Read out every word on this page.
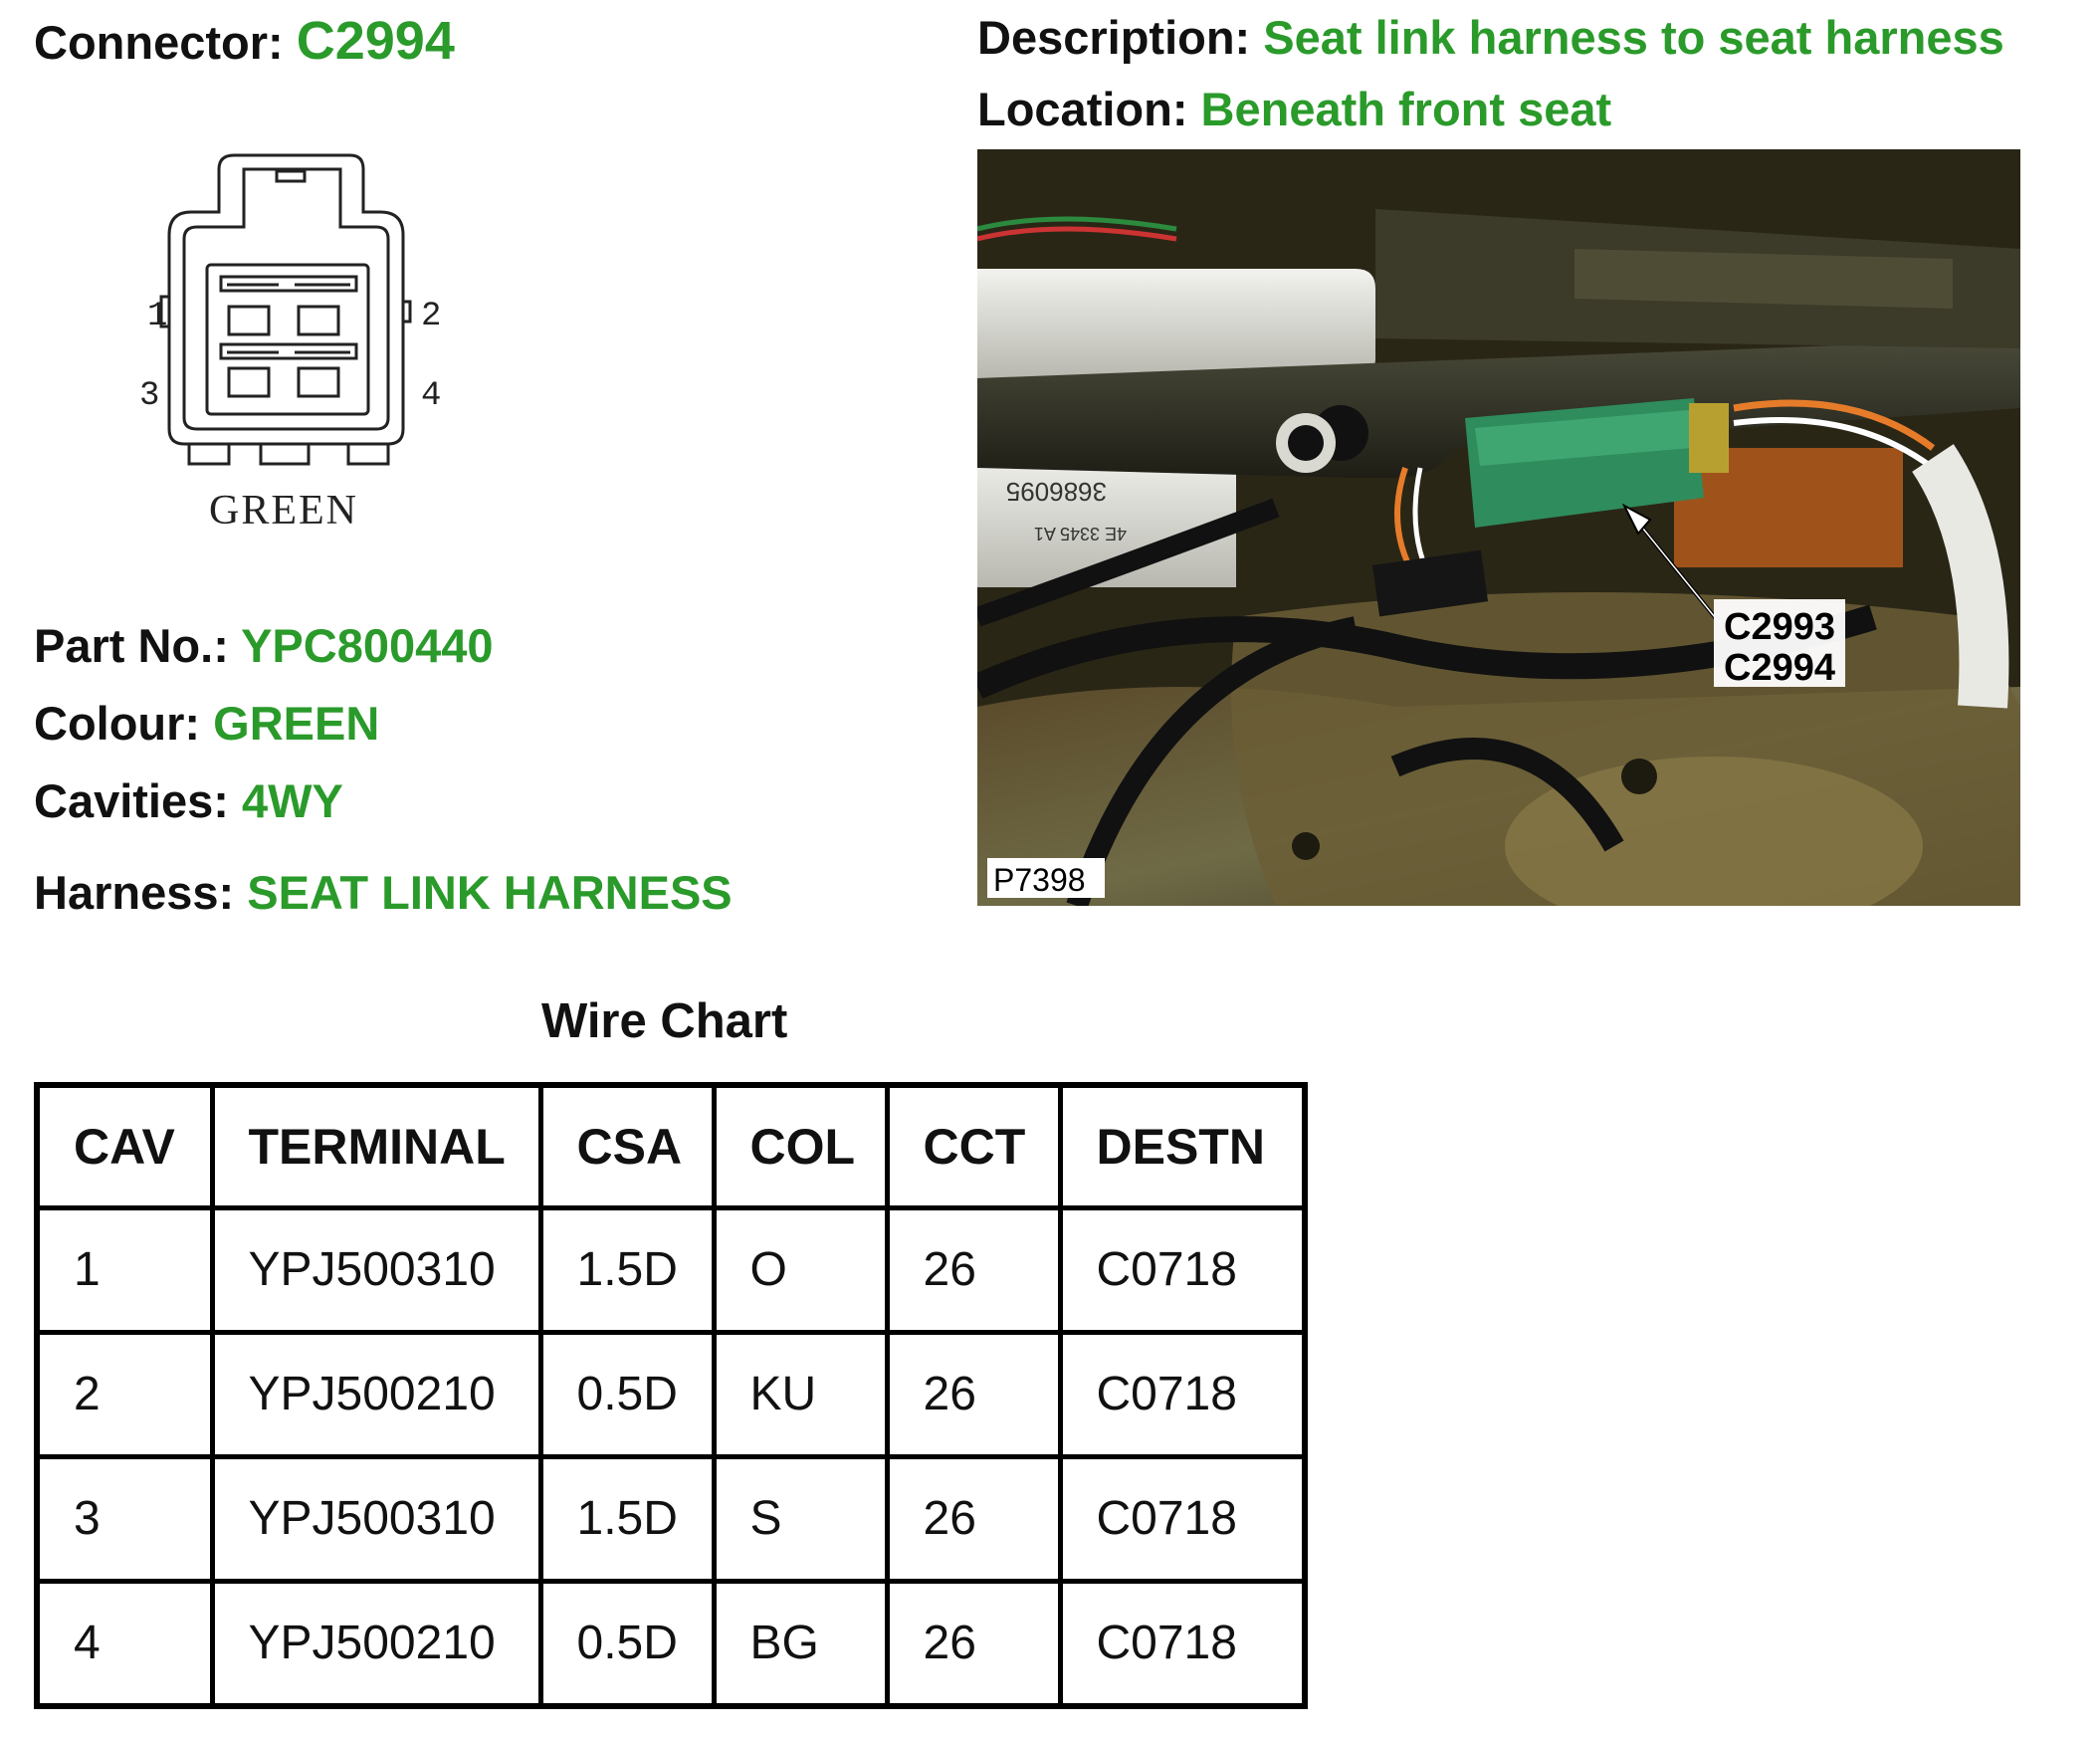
Connector: C2994
1	2
3	4
GREEN
Part No.: YPC800440
Colour: GREEN
Cavities: 4WY
Harness: SEAT LINK HARNESS
Description: Seat link harness to seat harness
Location: Beneath front seat
3686095
4E 3345 A1
C2993
C2994
P7398
Wire Chart
CAV	TERMINAL	CSA	COL	CCT	DESTN
1	YPJ500310	1.5D	O	26	C0718
2	YPJ500210	0.5D	KU	26	C0718
3	YPJ500310	1.5D	S	26	C0718
4	YPJ500210	0.5D	BG	26	C0718
